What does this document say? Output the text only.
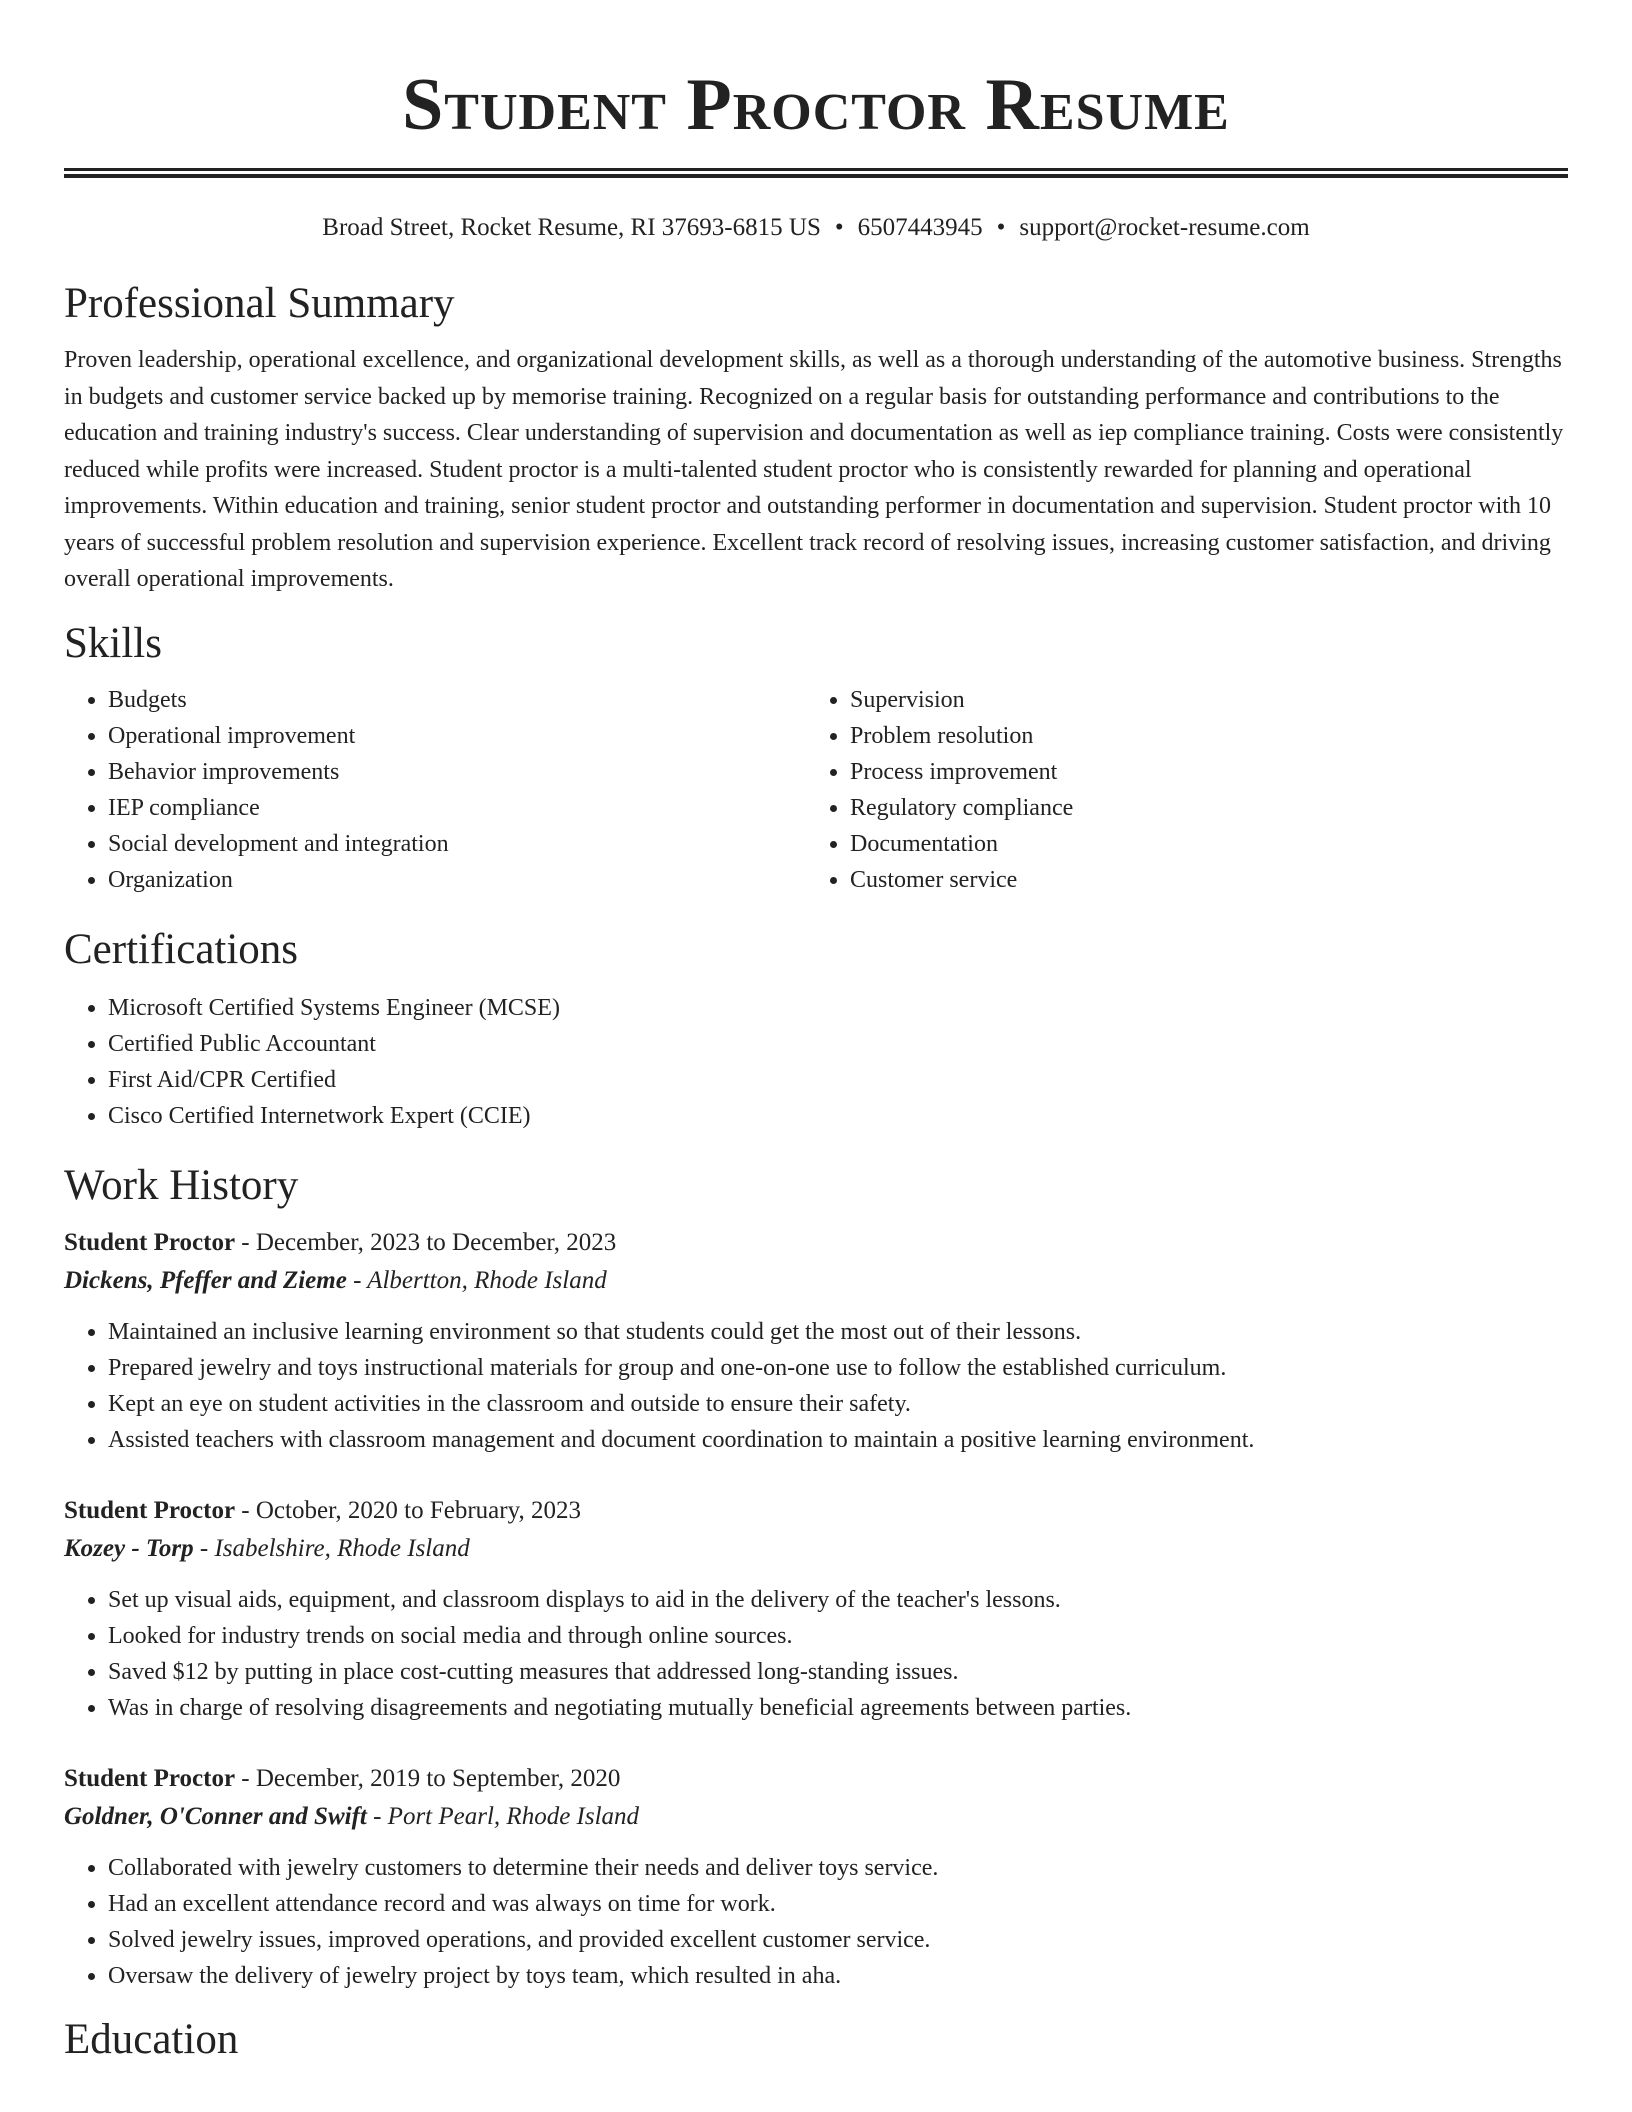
Student Proctor Resume
Broad Street, Rocket Resume, RI 37693-6815 US • 6507443945 • support@rocket-resume.com
Professional Summary

Proven leadership, operational excellence, and organizational development skills, as well as a thorough understanding of the automotive business. Strengths in budgets and customer service backed up by memorise training. Recognized on a regular basis for outstanding performance and contributions to the education and training industry's success. Clear understanding of supervision and documentation as well as iep compliance training. Costs were consistently reduced while profits were increased. Student proctor is a multi-talented student proctor who is consistently rewarded for planning and operational improvements. Within education and training, senior student proctor and outstanding performer in documentation and supervision. Student proctor with 10 years of successful problem resolution and supervision experience. Excellent track record of resolving issues, increasing customer satisfaction, and driving overall operational improvements.

Skills
• Budgets
• Operational improvement
• Behavior improvements
• IEP compliance
• Social development and integration
• Organization
• Supervision
• Problem resolution
• Process improvement
• Regulatory compliance
• Documentation
• Customer service
Certifications
• Microsoft Certified Systems Engineer (MCSE)
• Certified Public Accountant
• First Aid/CPR Certified
• Cisco Certified Internetwork Expert (CCIE)
Work History
Student Proctor - December, 2023 to December, 2023
Dickens, Pfeffer and Zieme - Albertton, Rhode Island
• Maintained an inclusive learning environment so that students could get the most out of their lessons.
• Prepared jewelry and toys instructional materials for group and one-on-one use to follow the established curriculum.
• Kept an eye on student activities in the classroom and outside to ensure their safety.
• Assisted teachers with classroom management and document coordination to maintain a positive learning environment.
Student Proctor - October, 2020 to February, 2023
Kozey - Torp - Isabelshire, Rhode Island
• Set up visual aids, equipment, and classroom displays to aid in the delivery of the teacher's lessons.
• Looked for industry trends on social media and through online sources.
• Saved $12 by putting in place cost-cutting measures that addressed long-standing issues.
• Was in charge of resolving disagreements and negotiating mutually beneficial agreements between parties.
Student Proctor - December, 2019 to September, 2020
Goldner, O'Conner and Swift - Port Pearl, Rhode Island
• Collaborated with jewelry customers to determine their needs and deliver toys service.
• Had an excellent attendance record and was always on time for work.
• Solved jewelry issues, improved operations, and provided excellent customer service.
• Oversaw the delivery of jewelry project by toys team, which resulted in aha.
Education
